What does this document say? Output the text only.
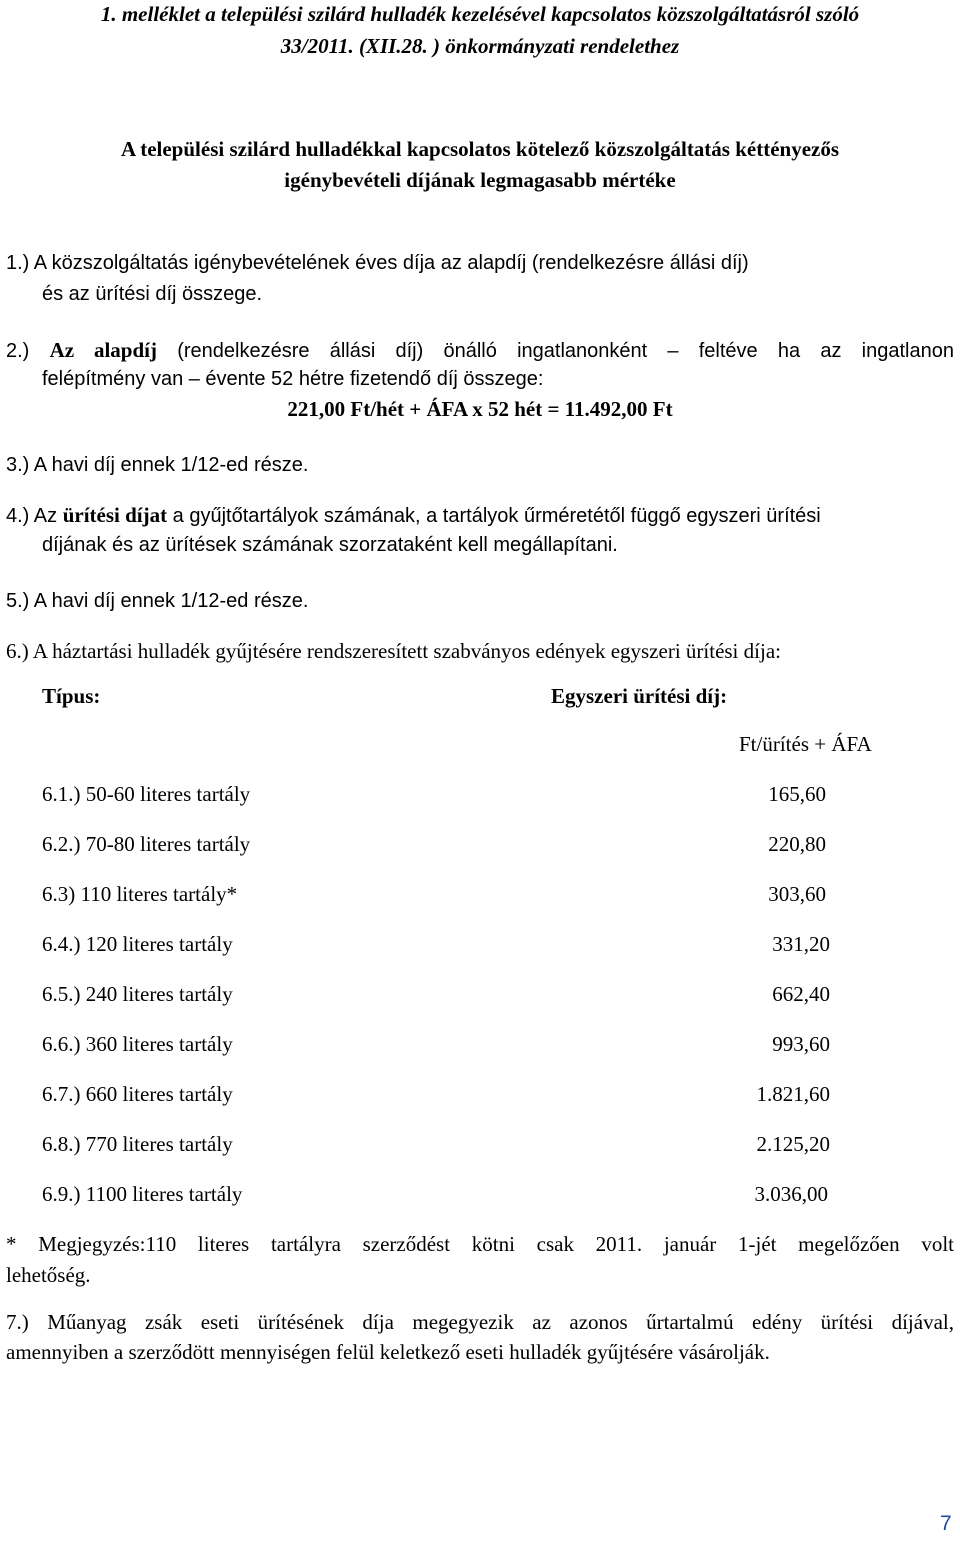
1. melléklet a települési szilárd hulladék kezelésével kapcsolatos közszolgáltatásról szóló
33/2011. (XII.28. ) önkormányzati rendelethez
A települési szilárd hulladékkal kapcsolatos kötelező közszolgáltatás kéttényezős
igénybevételi díjának legmagasabb mértéke
1.) A közszolgáltatás igénybevételének éves díja az alapdíj (rendelkezésre állási díj)
és az ürítési díj összege.
2.) Az alapdíj (rendelkezésre állási díj) önálló ingatlanonként – feltéve ha az ingatlanon
felépítmény van – évente 52 hétre fizetendő díj összege:
221,00 Ft/hét + ÁFA x 52 hét = 11.492,00 Ft
3.) A havi díj ennek 1/12-ed része.
4.) Az ürítési díjat a gyűjtőtartályok számának, a tartályok űrméretétől függő egyszeri ürítési
díjának és az ürítések számának szorzataként kell megállapítani.
5.) A havi díj ennek 1/12-ed része.
6.) A háztartási hulladék gyűjtésére rendszeresített szabványos edények egyszeri ürítési díja:
Típus:	Egyszeri ürítési díj:
Ft/ürítés + ÁFA
6.1.) 50-60 literes tartály	165,60
6.2.) 70-80 literes tartály	220,80
6.3) 110 literes tartály*	303,60
6.4.) 120 literes tartály	331,20
6.5.) 240 literes tartály	662,40
6.6.) 360 literes tartály	993,60
6.7.) 660 literes tartály	1.821,60
6.8.) 770 literes tartály	2.125,20
6.9.) 1100 literes tartály	3.036,00
* Megjegyzés:110 literes tartályra szerződést kötni csak 2011. január 1-jét megelőzően volt
lehetőség.
7.) Műanyag zsák eseti ürítésének díja megegyezik az azonos űrtartalmú edény ürítési díjával,
amennyiben a szerződött mennyiségen felül keletkező eseti hulladék gyűjtésére vásárolják.
7
